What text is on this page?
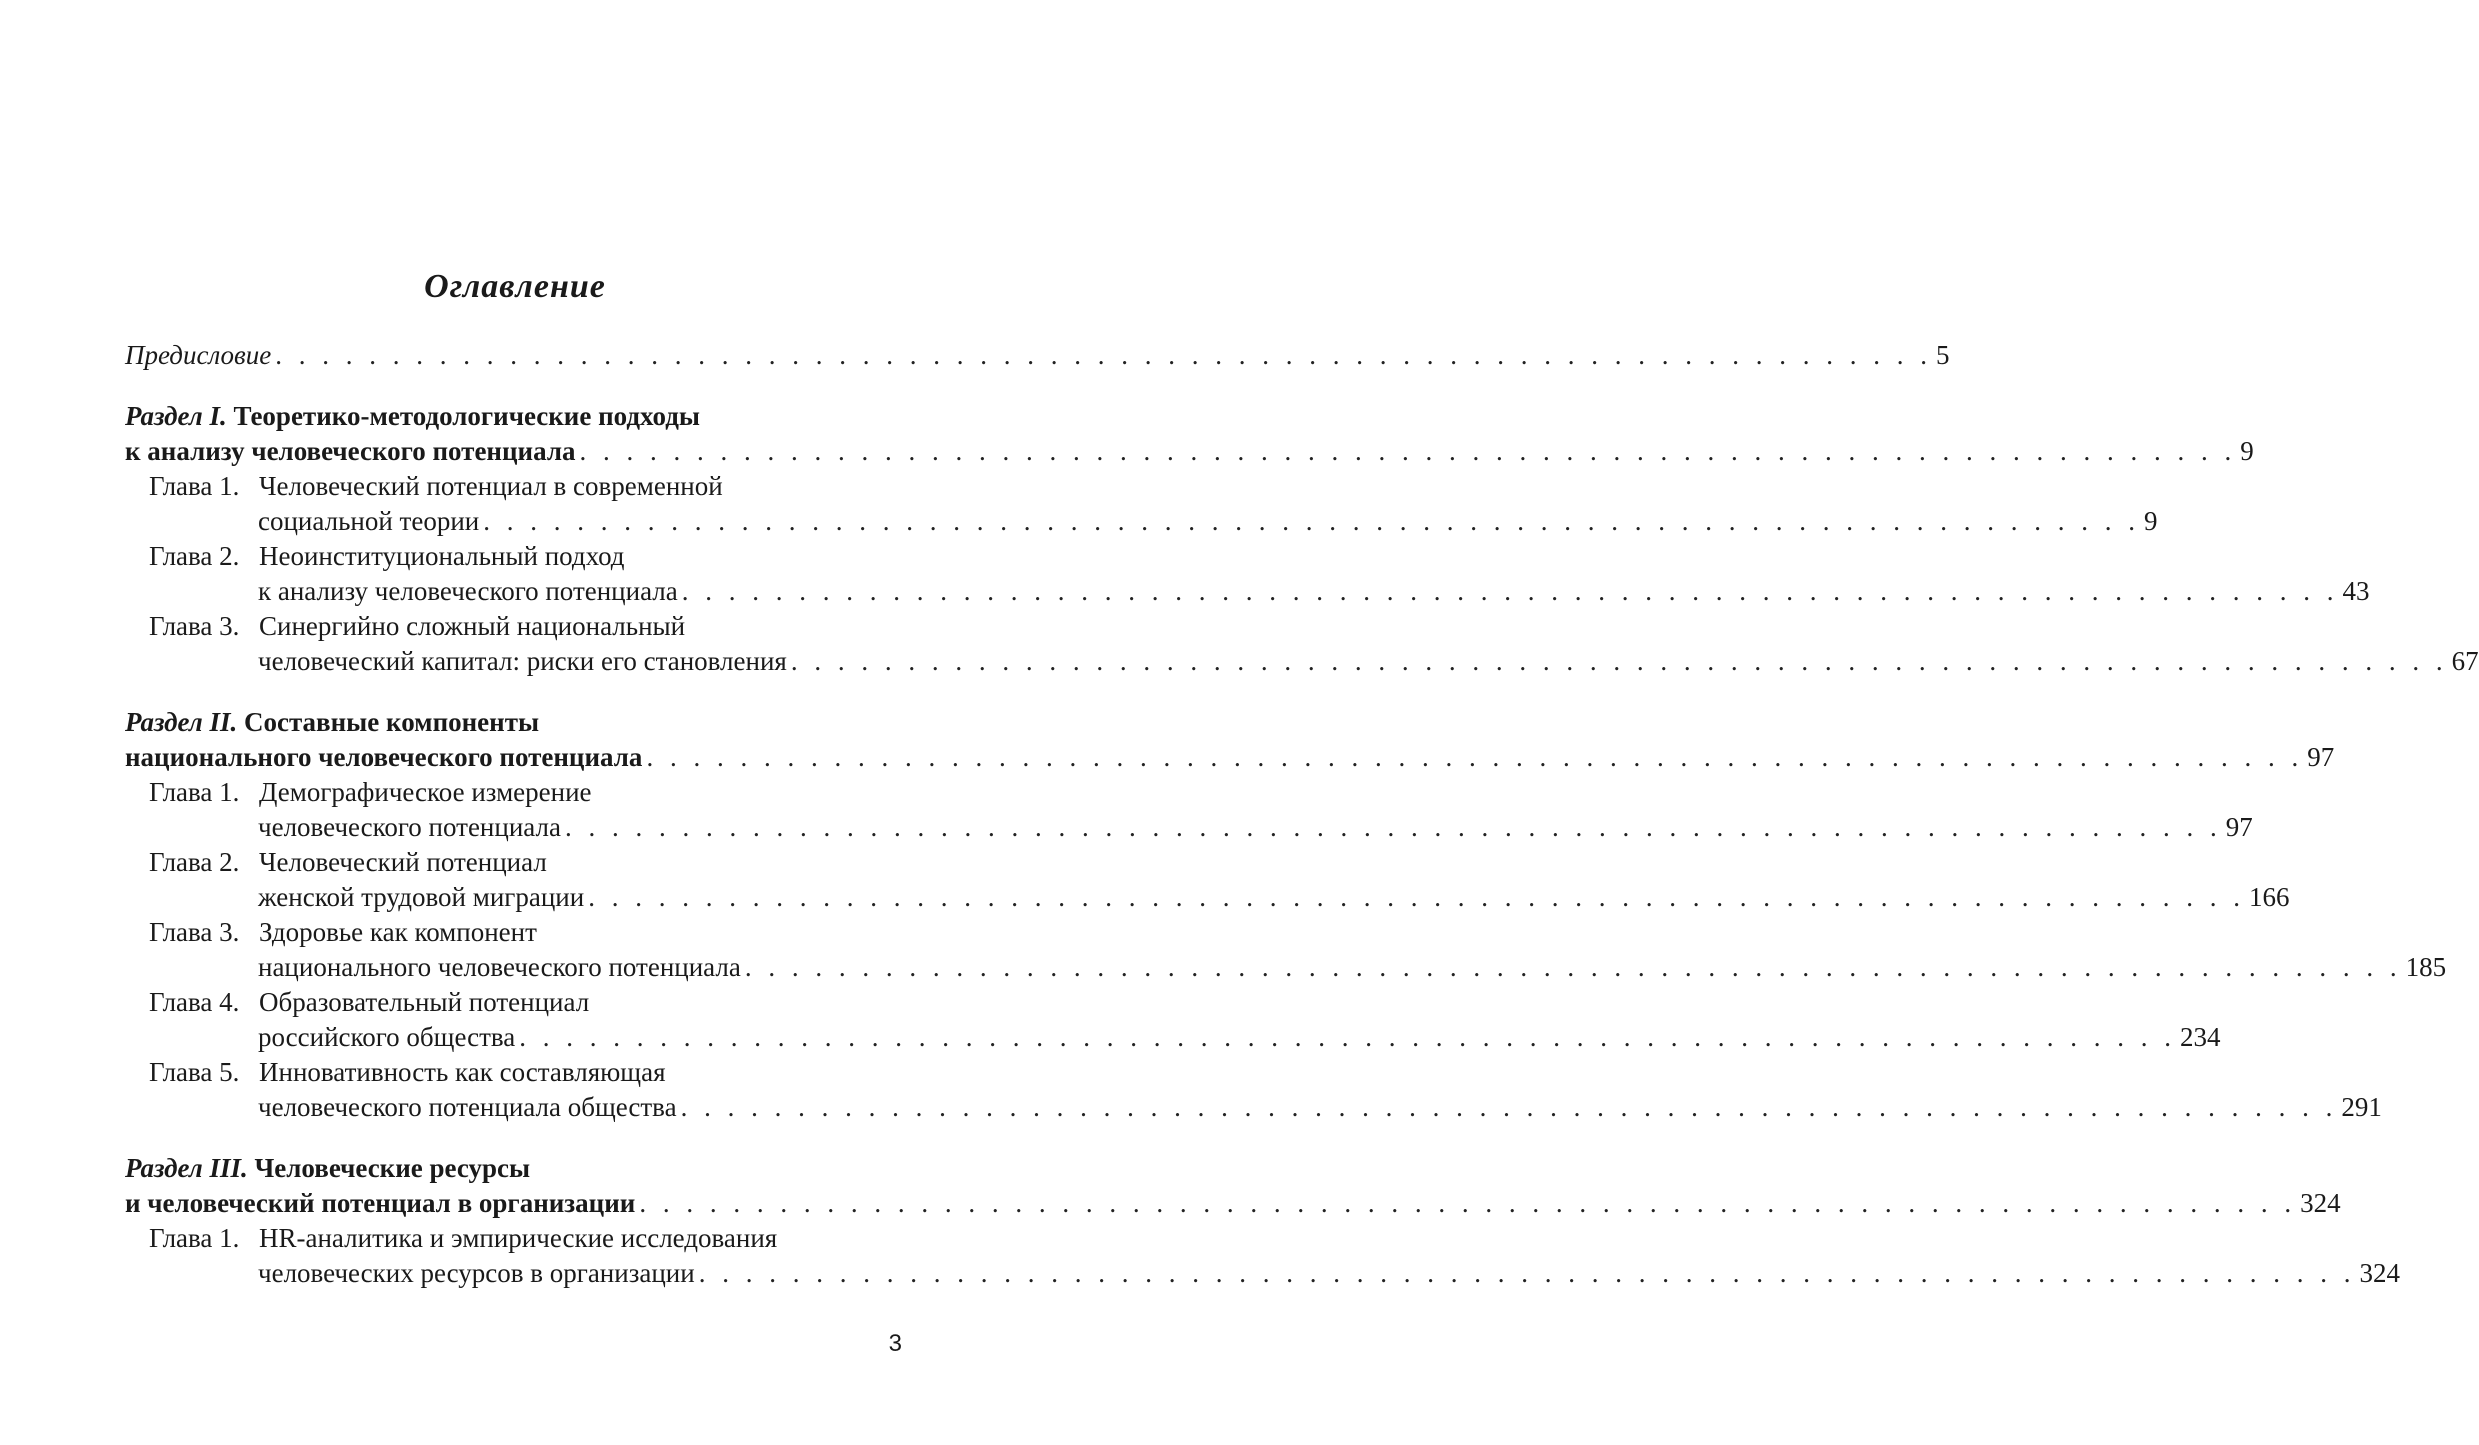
Оглавление
Предисловие . . . . . . . . . . . . . . . . . . . . . . . . . . . . . . . . . . . . . . . . . . . . . . . . . . . . . . . . . . . . . . . . . . . . . . . 5
Раздел I. Теоретико-методологические подходы
к анализу человеческого потенциала . . . . . . . . . . . . . . . . . . . . . . . . . . . . . . . . . . . . . . . . . . . . . . . . . . . . . . . . . . . . . . . . . . . . . . . 9
Глава 1. Человеческий потенциал в современной
социальной теории . . . . . . . . . . . . . . . . . . . . . . . . . . . . . . . . . . . . . . . . . . . . . . . . . . . . . . . . . . . . . . . . . . . . . . . 9
Глава 2. Неоинституциональный подход
к анализу человеческого потенциала . . . . . . . . . . . . . . . . . . . . . . . . . . . . . . . . . . . . . . . . . . . . . . . . . . . . . . . . . . . . . . . . . . . . . . . 43
Глава 3. Синергийно сложный национальный
человеческий капитал: риски его становления . . . . . . . . . . . . . . . . . . . . . . . . . . . . . . . . . . . . . . . . . . . . . . . . . . . . . . . . . . . . . . . . . . . . . . . 67
Раздел II. Составные компоненты
национального человеческого потенциала . . . . . . . . . . . . . . . . . . . . . . . . . . . . . . . . . . . . . . . . . . . . . . . . . . . . . . . . . . . . . . . . . . . . . . . 97
Глава 1. Демографическое измерение
человеческого потенциала . . . . . . . . . . . . . . . . . . . . . . . . . . . . . . . . . . . . . . . . . . . . . . . . . . . . . . . . . . . . . . . . . . . . . . . 97
Глава 2. Человеческий потенциал
женской трудовой миграции . . . . . . . . . . . . . . . . . . . . . . . . . . . . . . . . . . . . . . . . . . . . . . . . . . . . . . . . . . . . . . . . . . . . . . . 166
Глава 3. Здоровье как компонент
национального человеческого потенциала . . . . . . . . . . . . . . . . . . . . . . . . . . . . . . . . . . . . . . . . . . . . . . . . . . . . . . . . . . . . . . . . . . . . . . . 185
Глава 4. Образовательный потенциал
российского общества . . . . . . . . . . . . . . . . . . . . . . . . . . . . . . . . . . . . . . . . . . . . . . . . . . . . . . . . . . . . . . . . . . . . . . . 234
Глава 5. Инновативность как составляющая
человеческого потенциала общества . . . . . . . . . . . . . . . . . . . . . . . . . . . . . . . . . . . . . . . . . . . . . . . . . . . . . . . . . . . . . . . . . . . . . . . 291
Раздел III. Человеческие ресурсы
и человеческий потенциал в организации . . . . . . . . . . . . . . . . . . . . . . . . . . . . . . . . . . . . . . . . . . . . . . . . . . . . . . . . . . . . . . . . . . . . . . . 324
Глава 1. HR-аналитика и эмпирические исследования
человеческих ресурсов в организации . . . . . . . . . . . . . . . . . . . . . . . . . . . . . . . . . . . . . . . . . . . . . . . . . . . . . . . . . . . . . . . . . . . . . . . 324
3
